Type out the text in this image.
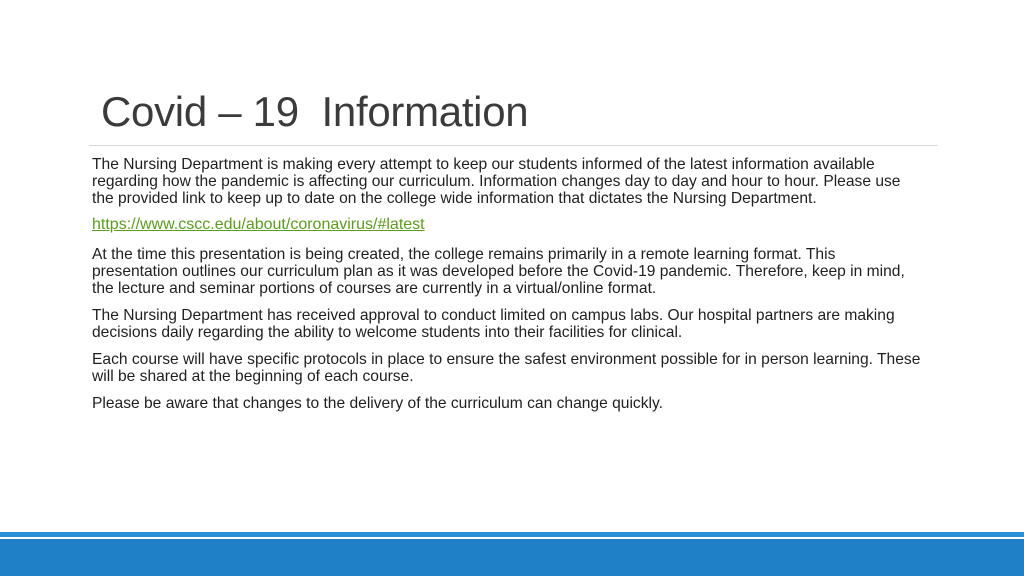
Covid – 19  Information

The Nursing Department is making every attempt to keep our students informed of the latest information available regarding how the pandemic is affecting our curriculum. Information changes day to day and hour to hour. Please use the provided link to keep up to date on the college wide information that dictates the Nursing Department.

https://www.cscc.edu/about/coronavirus/#latest

At the time this presentation is being created, the college remains primarily in a remote learning format. This presentation outlines our curriculum plan as it was developed before the Covid-19 pandemic. Therefore, keep in mind, the lecture and seminar portions of courses are currently in a virtual/online format.

The Nursing Department has received approval to conduct limited on campus labs. Our hospital partners are making decisions daily regarding the ability to welcome students into their facilities for clinical.

Each course will have specific protocols in place to ensure the safest environment possible for in person learning. These will be shared at the beginning of each course.

Please be aware that changes to the delivery of the curriculum can change quickly.
